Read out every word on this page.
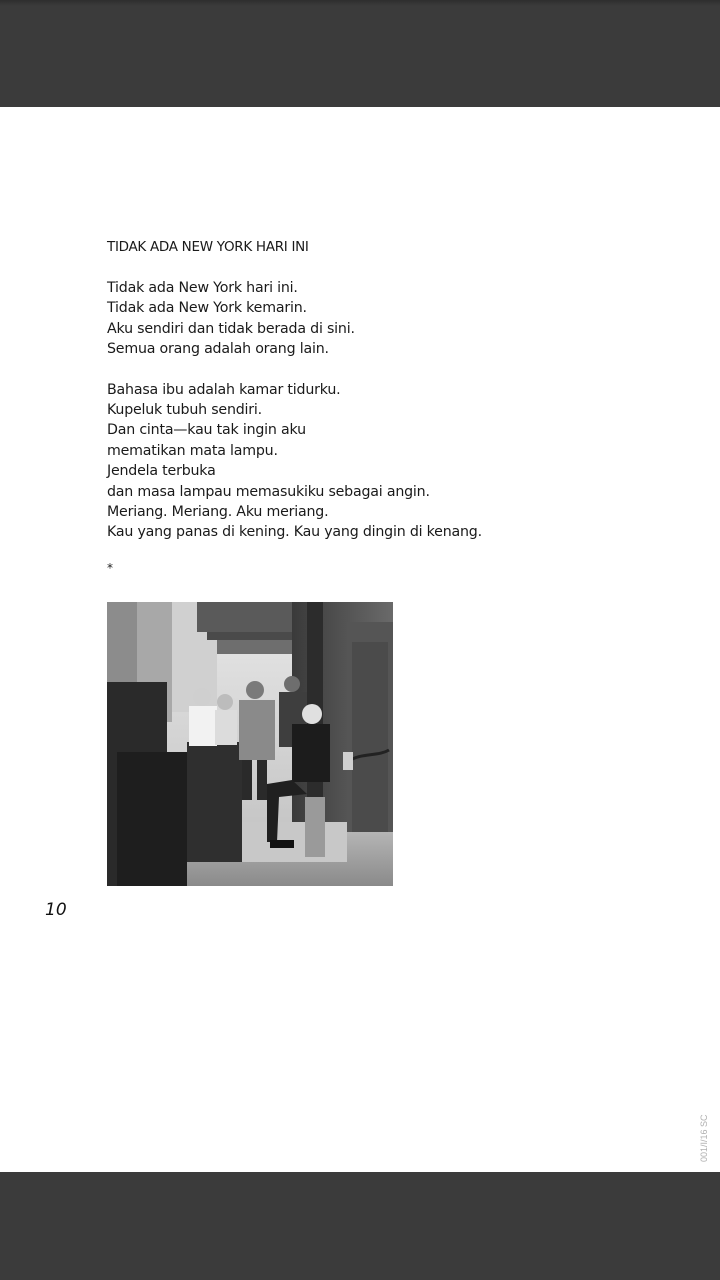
TIDAK ADA NEW YORK HARI INI
Tidak ada New York hari ini.
Tidak ada New York kemarin.
Aku sendiri dan tidak berada di sini.
Semua orang adalah orang lain.
Bahasa ibu adalah kamar tidurku.
Kupeluk tubuh sendiri.
Dan cinta—kau tak ingin aku
mematikan mata lampu.
Jendela terbuka
dan masa lampau memasukiku sebagai angin.
Meriang. Meriang. Aku meriang.
Kau yang panas di kening. Kau yang dingin di kenang.
*
10
001/I/16 SC
